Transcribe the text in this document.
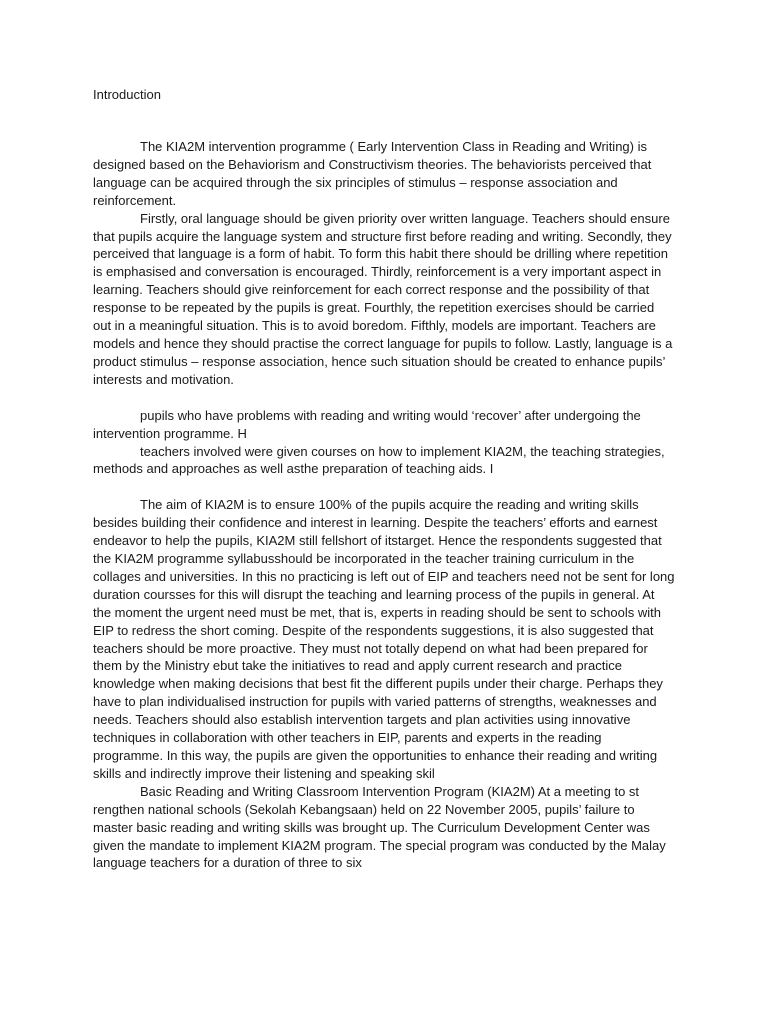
Introduction

The KIA2M intervention programme ( Early Intervention Class in Reading and Writing) is designed based on the Behaviorism and Constructivism theories. The behaviorists perceived that language can be acquired through the six principles of stimulus – response association and reinforcement.

Firstly, oral language should be given priority over written language. Teachers should ensure that pupils acquire the language system and structure first before reading and writing. Secondly, they perceived that language is a form of habit. To form this habit there should be drilling where repetition is emphasised and conversation is encouraged. Thirdly, reinforcement is a very important aspect in learning. Teachers should give reinforcement for each correct response and the possibility of that response to be repeated by the pupils is great. Fourthly, the repetition exercises should be carried out in a meaningful situation. This is to avoid boredom. Fifthly, models are important. Teachers are models and hence they should practise the correct language for pupils to follow. Lastly, language is a product stimulus – response association, hence such situation should be created to enhance pupils’ interests and motivation.

pupils who have problems with reading and writing would ‘recover’ after undergoing the intervention programme. H

teachers involved were given courses on how to implement KIA2M, the teaching strategies, methods and approaches as well asthe preparation of teaching aids. I

The aim of KIA2M is to ensure 100% of the pupils acquire the reading and writing skills besides building their confidence and interest in learning. Despite the teachers’ efforts and earnest endeavor to help the pupils, KIA2M still fellshort of itstarget. Hence the respondents suggested that the KIA2M programme syllabusshould be incorporated in the teacher training curriculum in the collages and universities. In this no practicing is left out of EIP and teachers need not be sent for long duration coursses for this will disrupt the teaching and learning process of the pupils in general. At the moment the urgent need must be met, that is, experts in reading should be sent to schools with EIP to redress the short coming. Despite of the respondents suggestions, it is also suggested that teachers should be more proactive. They must not totally depend on what had been prepared for them by the Ministry ebut take the initiatives to read and apply current research and practice knowledge when making decisions that best fit the different pupils under their charge. Perhaps they have to plan individualised instruction for pupils with varied patterns of strengths, weaknesses and needs. Teachers should also establish intervention targets and plan activities using innovative techniques in collaboration with other teachers in EIP, parents and experts in the reading programme. In this way, the pupils are given the opportunities to enhance their reading and writing skills and indirectly improve their listening and speaking skil

Basic Reading and Writing Classroom Intervention Program (KIA2M) At a meeting to st rengthen national schools (Sekolah Kebangsaan) held on 22 November 2005, pupils’ failure to master basic reading and writing skills was brought up. The Curriculum Development Center was given the mandate to implement KIA2M program. The special program was conducted by the Malay language teachers for a duration of three to six
